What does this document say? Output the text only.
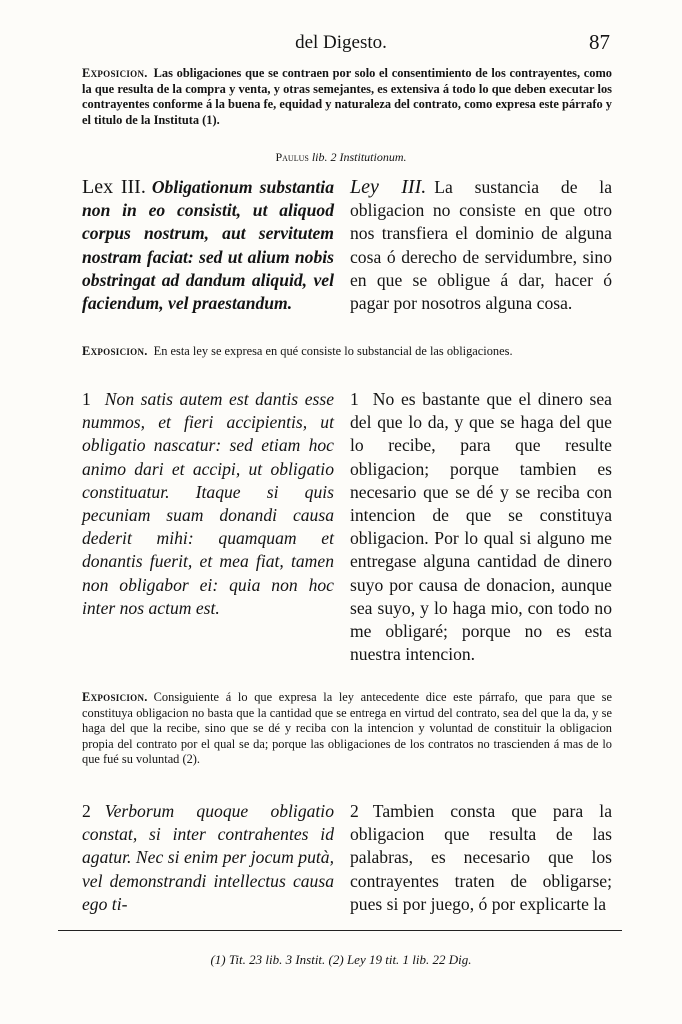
del Digesto.	87
Exposicion. Las obligaciones que se contraen por solo el consentimiento de los contrayentes, como la que resulta de la compra y venta, y otras semejantes, es extensiva á todo lo que deben executar los contrayentes conforme á la buena fe, equidad y naturaleza del contrato, como expresa este párrafo y el titulo de la Instituta (1).
Paulus lib. 2 Institutionum.
Lex III. Obligationum substantia non in eo consistit, ut aliquod corpus nostrum, aut servitutem nostram faciat: sed ut alium nobis obstringat ad dandum aliquid, vel faciendum, vel praestandum.
Ley III. La sustancia de la obligacion no consiste en que otro nos transfiera el dominio de alguna cosa ó derecho de servidumbre, sino en que se obligue á dar, hacer ó pagar por nosotros alguna cosa.
Exposicion. En esta ley se expresa en qué consiste lo substancial de las obligaciones.
1 Non satis autem est dantis esse nummos, et fieri accipientis, ut obligatio nascatur: sed etiam hoc animo dari et accipi, ut obligatio constituatur. Itaque si quis pecuniam suam donandi causa dederit mihi: quamquam et donantis fuerit, et mea fiat, tamen non obligabor ei: quia non hoc inter nos actum est.
1 No es bastante que el dinero sea del que lo da, y que se haga del que lo recibe, para que resulte obligacion; porque tambien es necesario que se dé y se reciba con intencion de que se constituya obligacion. Por lo qual si alguno me entregase alguna cantidad de dinero suyo por causa de donacion, aunque sea suyo, y lo haga mio, con todo no me obligaré; porque no es esta nuestra intencion.
Exposicion. Consiguiente á lo que expresa la ley antecedente dice este párrafo, que para que se constituya obligacion no basta que la cantidad que se entrega en virtud del contrato, sea del que la da, y se haga del que la recibe, sino que se dé y reciba con la intencion y voluntad de constituir la obligacion propia del contrato por el qual se da; porque las obligaciones de los contratos no trascienden á mas de lo que fué su voluntad (2).
2 Verborum quoque obligatio constat, si inter contrahentes id agatur. Nec si enim per jocum putà, vel demonstrandi intellectus causa ego ti-
2 Tambien consta que para la obligacion que resulta de las palabras, es necesario que los contrayentes traten de obligarse; pues si por juego, ó por explicarte la
(1) Tit. 23 lib. 3 Instit. (2) Ley 19 tit. 1 lib. 22 Dig.
